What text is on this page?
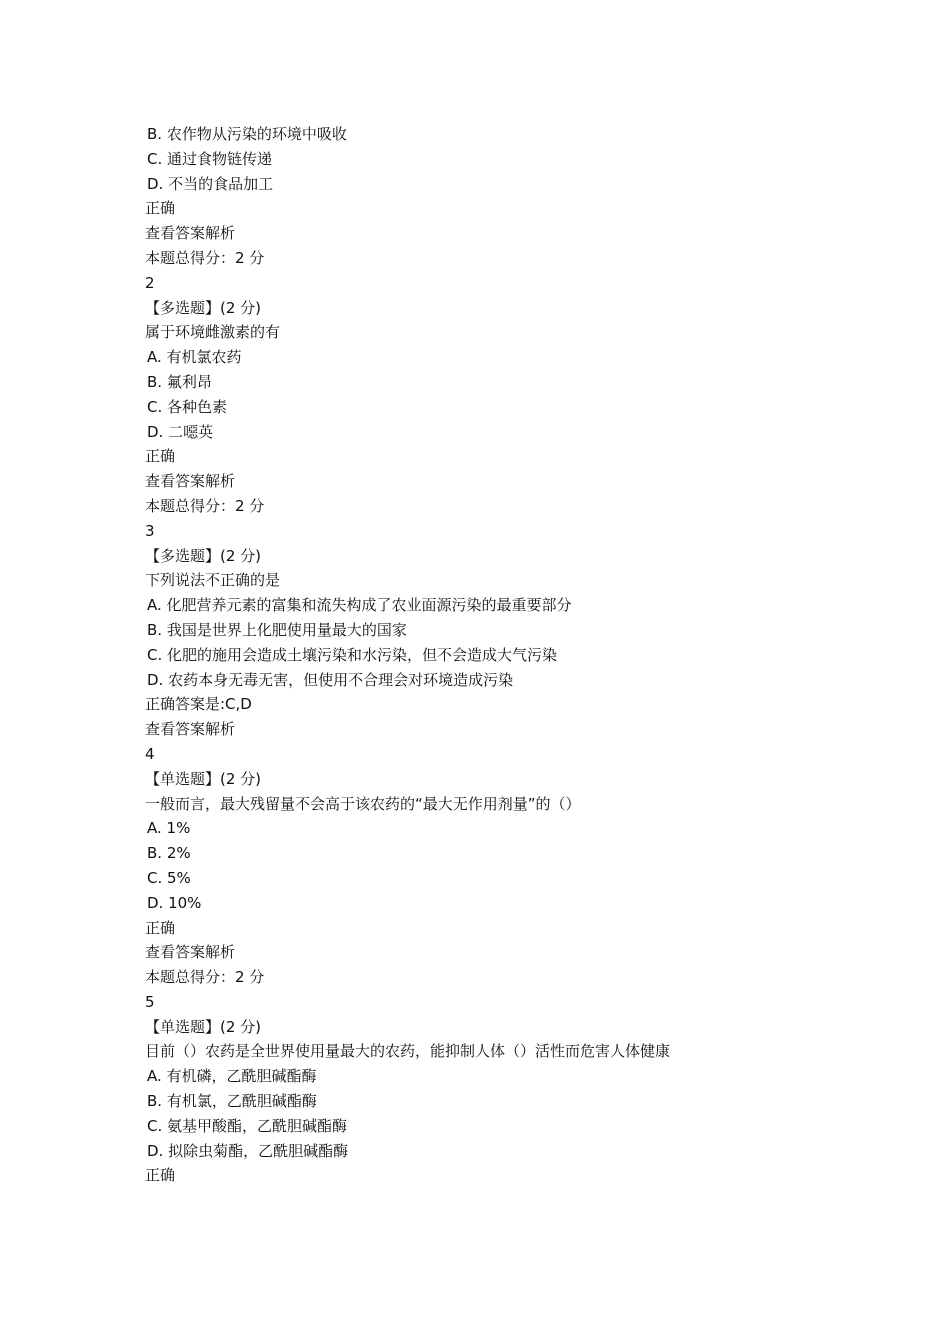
B. 农作物从污染的环境中吸收
C. 通过食物链传递
D. 不当的食品加工
正确
查看答案解析
本题总得分：2 分
2
【多选题】(2 分)
属于环境雌激素的有
A. 有机氯农药
B. 氟利昂
C. 各种色素
D. 二噁英
正确
查看答案解析
本题总得分：2 分
3
【多选题】(2 分)
下列说法不正确的是
A. 化肥营养元素的富集和流失构成了农业面源污染的最重要部分
B. 我国是世界上化肥使用量最大的国家
C. 化肥的施用会造成土壤污染和水污染，但不会造成大气污染
D. 农药本身无毒无害，但使用不合理会对环境造成污染
正确答案是:C,D
查看答案解析
4
【单选题】(2 分)
一般而言，最大残留量不会高于该农药的“最大无作用剂量”的（）
A. 1%
B. 2%
C. 5%
D. 10%
正确
查看答案解析
本题总得分：2 分
5
【单选题】(2 分)
目前（）农药是全世界使用量最大的农药，能抑制人体（）活性而危害人体健康
A. 有机磷，乙酰胆碱酯酶
B. 有机氯，乙酰胆碱酯酶
C. 氨基甲酸酯，乙酰胆碱酯酶
D. 拟除虫菊酯，乙酰胆碱酯酶
正确
